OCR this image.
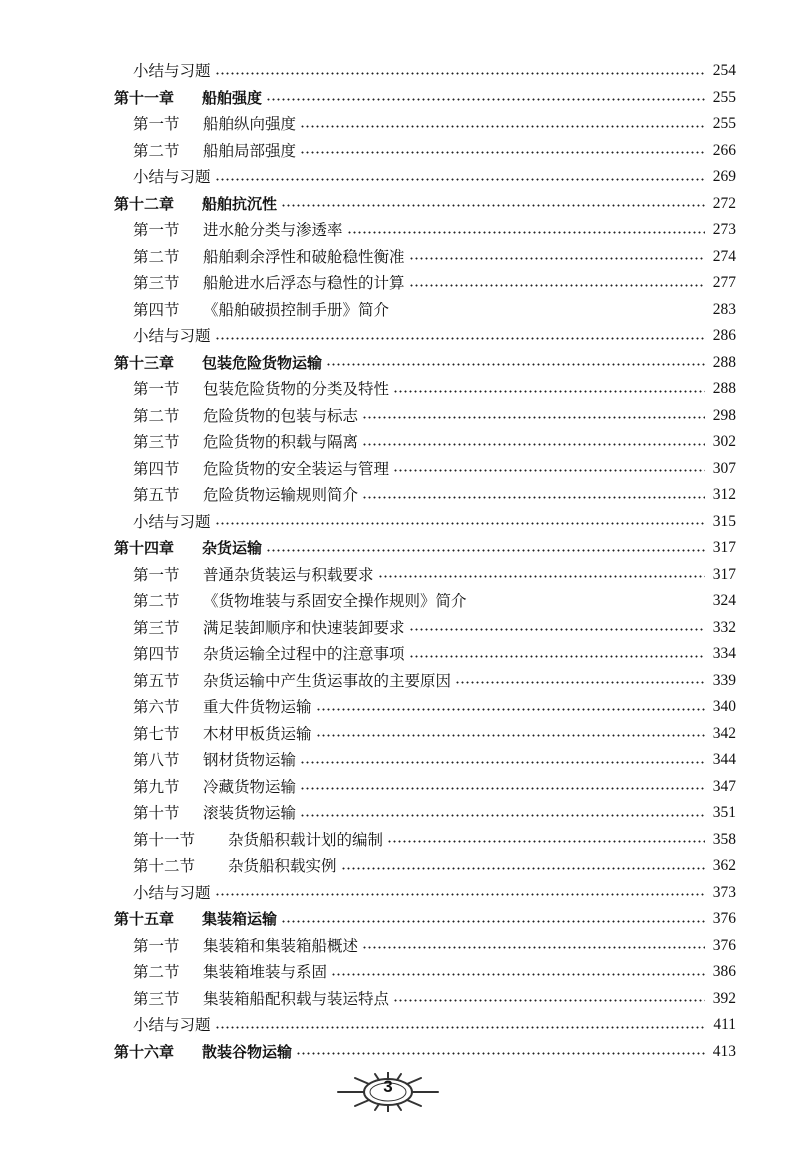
小结与习题	254
第十一章 船舶强度	255
第一节 船舶纵向强度	255
第二节 船舶局部强度	266
小结与习题	269
第十二章 船舶抗沉性	272
第一节 进水舱分类与渗透率	273
第二节 船舶剩余浮性和破舱稳性衡准	274
第三节 船舱进水后浮态与稳性的计算	277
第四节 《船舶破损控制手册》简介	283
小结与习题	286
第十三章 包装危险货物运输	288
第一节 包装危险货物的分类及特性	288
第二节 危险货物的包装与标志	298
第三节 危险货物的积载与隔离	302
第四节 危险货物的安全装运与管理	307
第五节 危险货物运输规则简介	312
小结与习题	315
第十四章 杂货运输	317
第一节 普通杂货装运与积载要求	317
第二节 《货物堆装与系固安全操作规则》简介	324
第三节 满足装卸顺序和快速装卸要求	332
第四节 杂货运输全过程中的注意事项	334
第五节 杂货运输中产生货运事故的主要原因	339
第六节 重大件货物运输	340
第七节 木材甲板货运输	342
第八节 钢材货物运输	344
第九节 冷藏货物运输	347
第十节 滚装货物运输	351
第十一节 杂货船积载计划的编制	358
第十二节 杂货船积载实例	362
小结与习题	373
第十五章 集装箱运输	376
第一节 集装箱和集装箱船概述	376
第二节 集装箱堆装与系固	386
第三节 集装箱船配积载与装运特点	392
小结与习题	411
第十六章 散装谷物运输	413
3
